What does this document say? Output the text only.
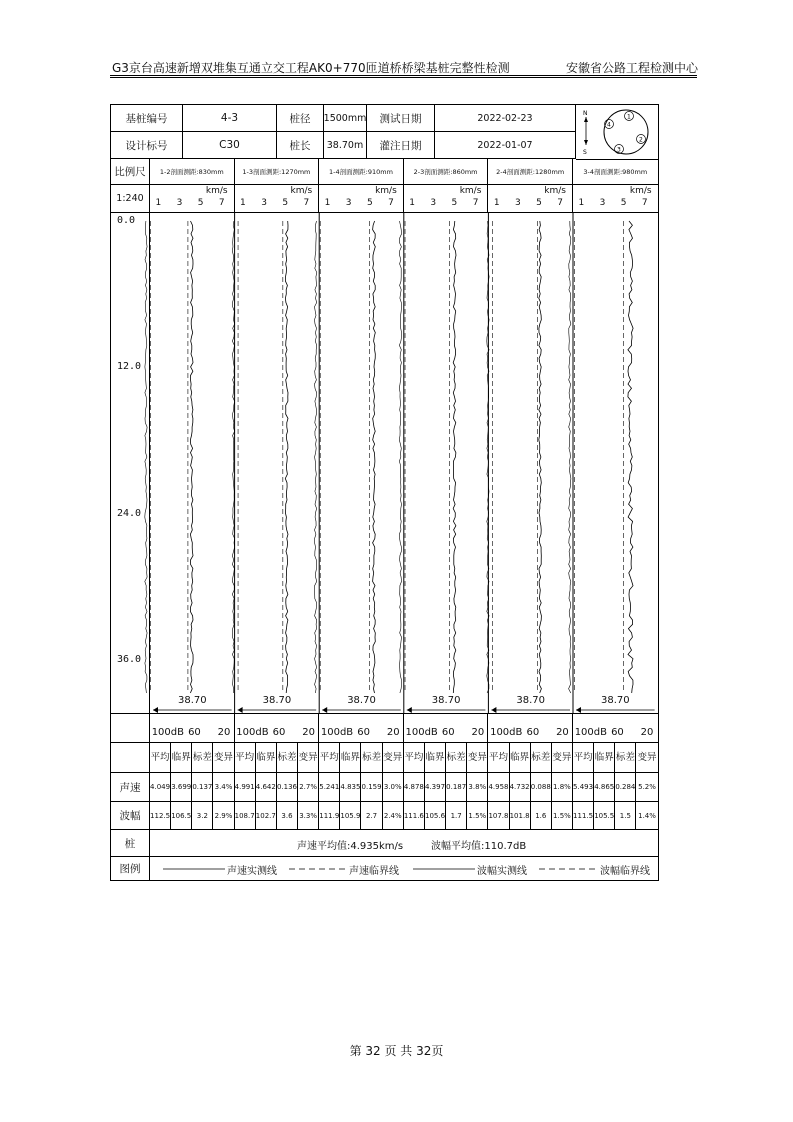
G3京台高速新增双堆集互通立交工程AK0+770匝道桥桥梁基桩完整性检测	安徽省公路工程检测中心
基桩编号	4-3	桩径	1500mm	测试日期	2022-02-23
设计标号	C30	桩长	38.70m	灌注日期	2022-01-07
N
S
1
2
3
4
比例尺	1-2剖面测距:830mm	1-3剖面测距:1270mm	1-4剖面测距:910mm	2-3剖面测距:860mm	2-4剖面测距:1280mm	3-4剖面测距:980mm
1:240
km/s
1 3 5 7
km/s
1 3 5 7
km/s
1 3 5 7
km/s
1 3 5 7
km/s
1 3 5 7
km/s
1 3 5 7
0.0
12.0
24.0
36.0
38.70	38.70	38.70	38.70	38.70	38.70
100dB 60 20 100dB 60 20 100dB 60 20 100dB 60 20 100dB 60 20 100dB 60 20
平均 临界 标差 变异 平均 临界 标差 变异 平均 临界 标差 变异 平均 临界 标差 变异 平均 临界 标差 变异 平均 临界 标差 变异
声速	4.049 3.699 0.137 3.4% 4.991 4.642 0.136 2.7% 5.241 4.835 0.159 3.0% 4.878 4.397 0.187 3.8% 4.958 4.732 0.088 1.8% 5.493 4.865 0.284 5.2%
波幅	112.5 106.5 3.2 2.9% 108.7 102.7 3.6 3.3% 111.9 105.9 2.7 2.4% 111.6 105.6 1.7 1.5% 107.8 101.8 1.6 1.5% 111.5 105.5 1.5	1.4%
桩	声速平均值:4.935km/s	波幅平均值:110.7dB
图例	声速实测线	声速临界线	波幅实测线	波幅临界线
第 32 页 共 32页
